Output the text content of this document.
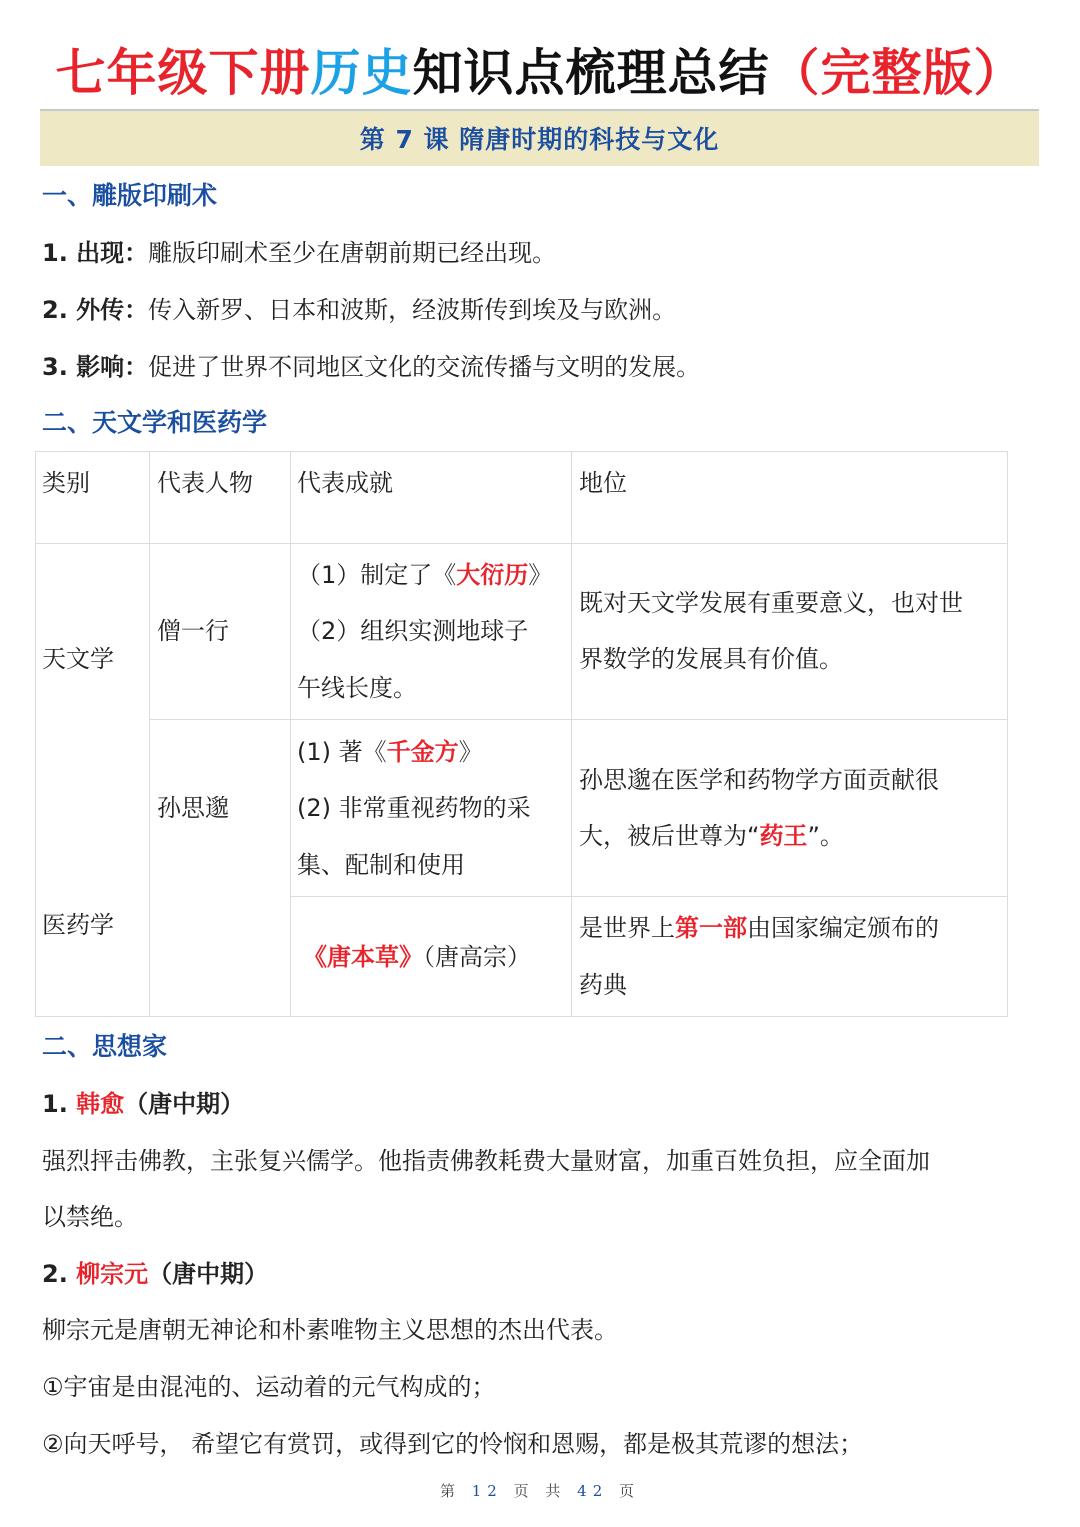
七年级下册历史知识点梳理总结（完整版）
第 7 课 隋唐时期的科技与文化
一、雕版印刷术
1. 出现：雕版印刷术至少在唐朝前期已经出现。
2. 外传：传入新罗、日本和波斯，经波斯传到埃及与欧洲。
3. 影响：促进了世界不同地区文化的交流传播与文明的发展。
二、天文学和医药学
类别	代表人物 代表成就	地位
天文学
僧一行
（1）制定了《大衍历》
（2）组织实测地球子
午线长度。
既对天文学发展有重要意义，也对世
界数学的发展具有价值。
医药学
孙思邈
(1) 著《千金方》
(2) 非常重视药物的采
集、配制和使用
孙思邈在医学和药物学方面贡献很
大，被后世尊为“药王”。
《唐本草》（唐高宗）
是世界上第一部由国家编定颁布的
药典
二、思想家
1. 韩愈（唐中期）
强烈抨击佛教，主张复兴儒学。他指责佛教耗费大量财富，加重百姓负担，应全面加
以禁绝。
2. 柳宗元（唐中期）
柳宗元是唐朝无神论和朴素唯物主义思想的杰出代表。
①宇宙是由混沌的、运动着的元气构成的；
②向天呼号， 希望它有赏罚，或得到它的怜悯和恩赐，都是极其荒谬的想法；
第 12 页 共 42 页
